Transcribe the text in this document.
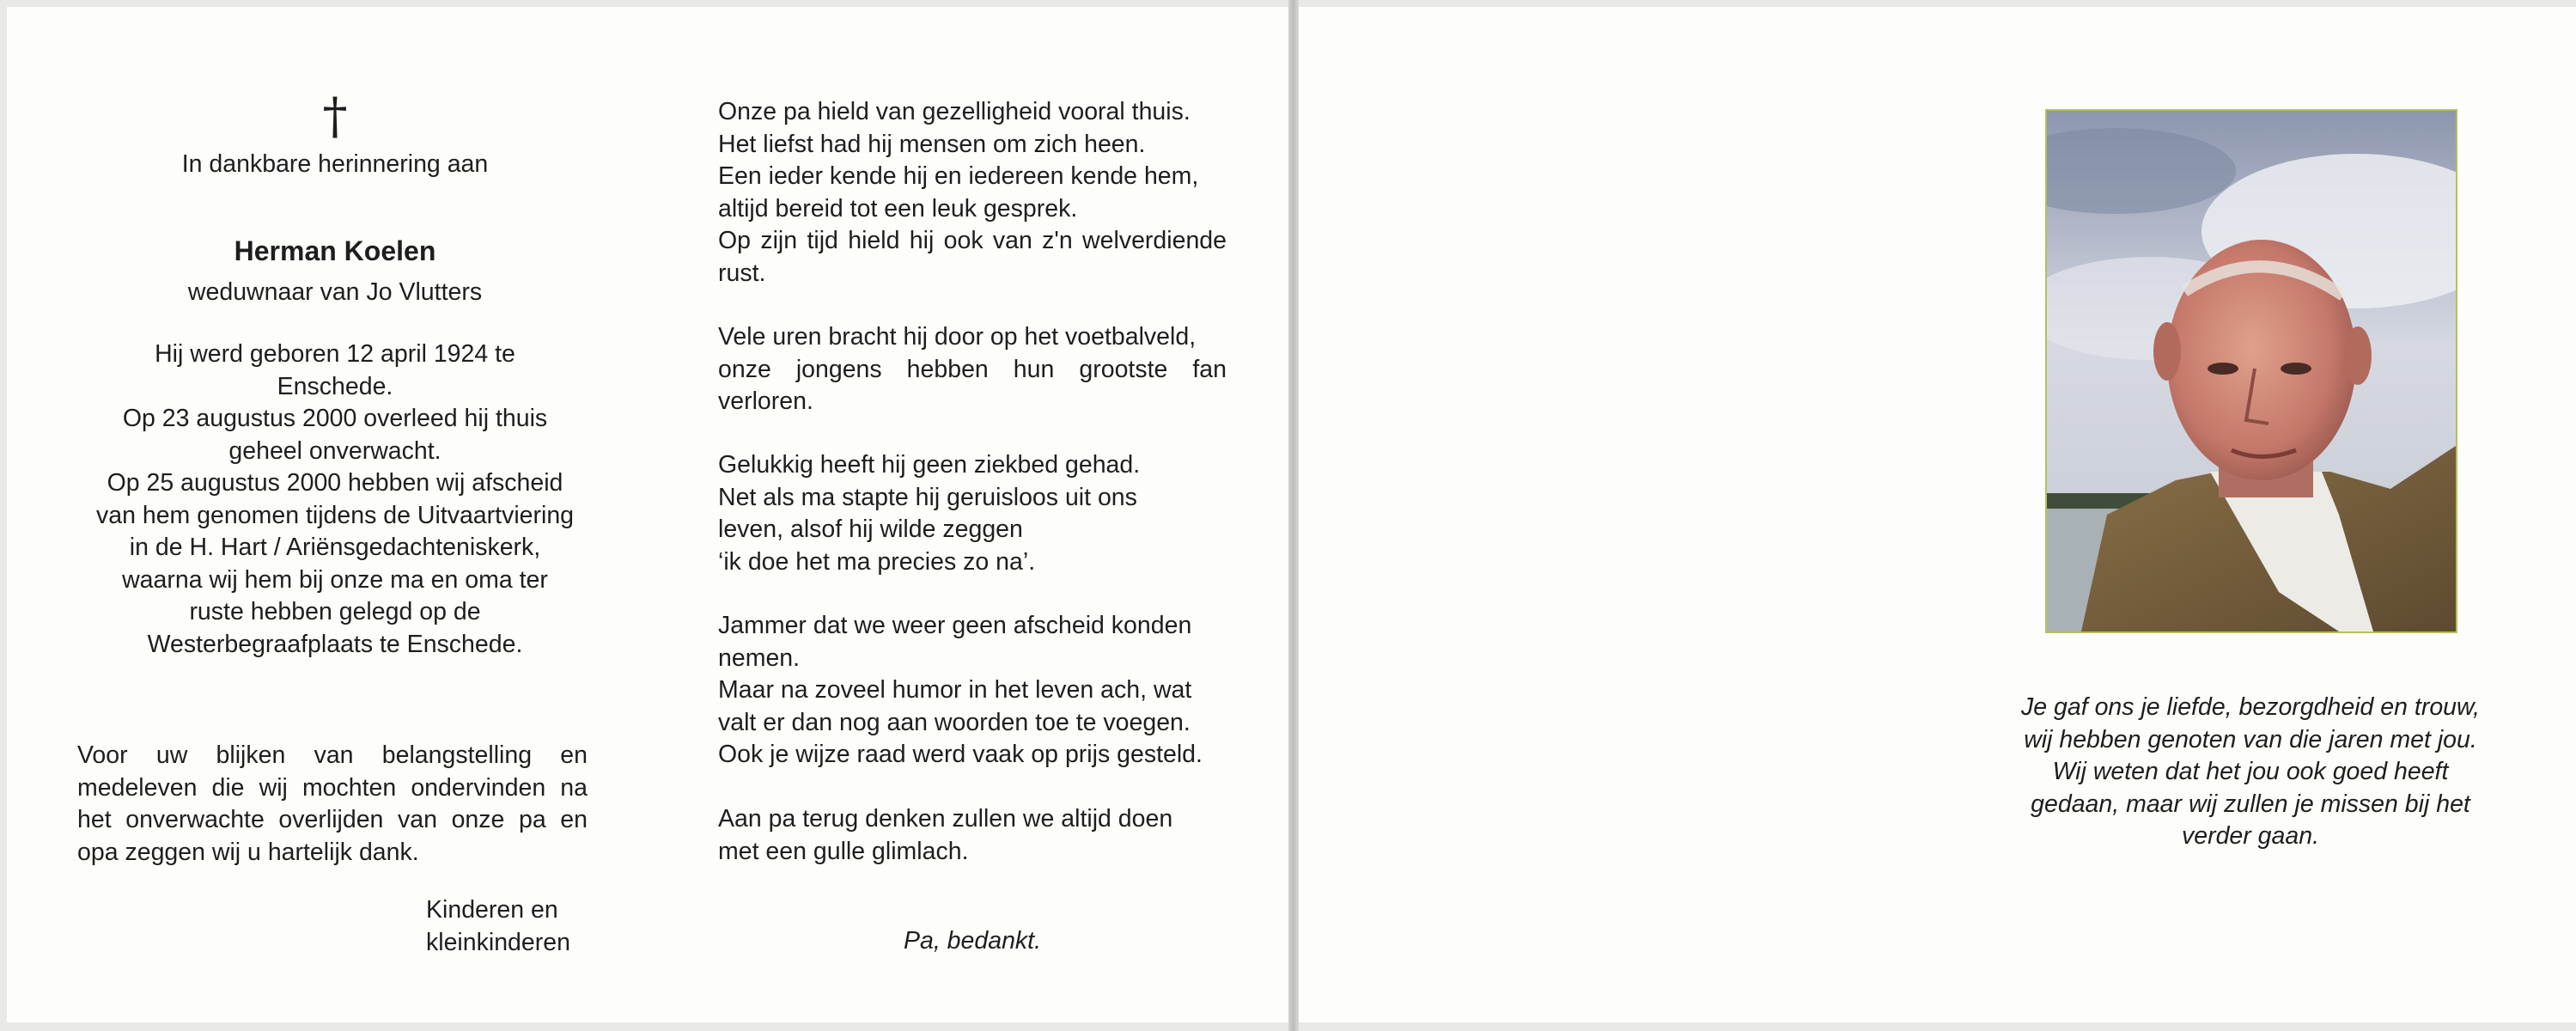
†

In dankbare herinnering aan

Herman Koelen

weduwnaar van Jo Vlutters

Hij werd geboren 12 april 1924 te
Enschede.
Op 23 augustus 2000 overleed hij thuis
geheel onverwacht.
Op 25 augustus 2000 hebben wij afscheid
van hem genomen tijdens de Uitvaartviering
in de H. Hart / Ariënsgedachteniskerk,
waarna wij hem bij onze ma en oma ter
ruste hebben gelegd op de
Westerbegraafplaats te Enschede.

Voor uw blijken van belangstelling en medeleven die wij mochten ondervinden na het onverwachte overlijden van onze pa en opa zeggen wij u hartelijk dank.

Kinderen en
kleinkinderen

Onze pa hield van gezelligheid vooral thuis.
Het liefst had hij mensen om zich heen.
Een ieder kende hij en iedereen kende hem,
altijd bereid tot een leuk gesprek.
Op zijn tijd hield hij ook van z'n welverdiende rust.

Vele uren bracht hij door op het voetbalveld,
onze jongens hebben hun grootste fan verloren.

Gelukkig heeft hij geen ziekbed gehad.
Net als ma stapte hij geruisloos uit ons
leven, alsof hij wilde zeggen
‘ik doe het ma precies zo na’.

Jammer dat we weer geen afscheid konden
nemen.
Maar na zoveel humor in het leven ach, wat
valt er dan nog aan woorden toe te voegen.
Ook je wijze raad werd vaak op prijs gesteld.

Aan pa terug denken zullen we altijd doen
met een gulle glimlach.

Pa, bedankt.

Je gaf ons je liefde, bezorgdheid en trouw,
wij hebben genoten van die jaren met jou.
Wij weten dat het jou ook goed heeft
gedaan, maar wij zullen je missen bij het
verder gaan.
